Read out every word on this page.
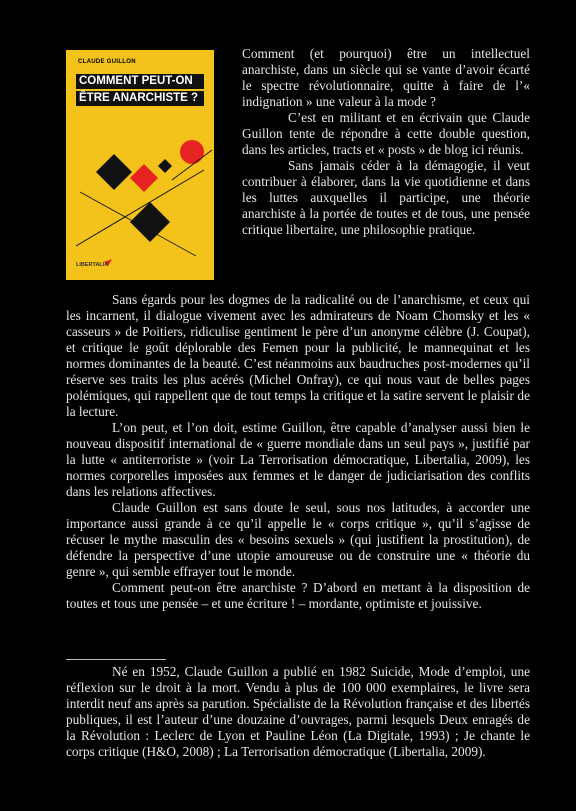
CLAUDE GUILLON
COMMENT PEUT-ON
ÊTRE ANARCHISTE ?
LIBERTALIA

Comment (et pourquoi) être un intellectuel anarchiste, dans un siècle qui se vante d’avoir écarté le spectre révolutionnaire, quitte à faire de l’« indignation » une valeur à la mode ?

C’est en militant et en écrivain que Claude Guillon tente de répondre à cette double question, dans les articles, tracts et « posts » de blog ici réunis.

Sans jamais céder à la démagogie, il veut contribuer à élaborer, dans la vie quotidienne et dans les luttes auxquelles il participe, une théorie anarchiste à la portée de toutes et de tous, une pensée critique libertaire, une philosophie pratique.

Sans égards pour les dogmes de la radicalité ou de l’anarchisme, et ceux qui les incarnent, il dialogue vivement avec les admirateurs de Noam Chomsky et les « casseurs » de Poitiers, ridiculise gentiment le père d’un anonyme célèbre (J. Coupat), et critique le goût déplorable des Femen pour la publicité, le mannequinat et les normes dominantes de la beauté. C’est néanmoins aux baudruches post-modernes qu’il réserve ses traits les plus acérés (Michel Onfray), ce qui nous vaut de belles pages polémiques, qui rappellent que de tout temps la critique et la satire servent le plaisir de la lecture.

L’on peut, et l’on doit, estime Guillon, être capable d’analyser aussi bien le nouveau dispositif international de « guerre mondiale dans un seul pays », justifié par la lutte « antiterroriste » (voir La Terrorisation démocratique, Libertalia, 2009), les normes corporelles imposées aux femmes et le danger de judiciarisation des conflits dans les relations affectives.

Claude Guillon est sans doute le seul, sous nos latitudes, à accorder une importance aussi grande à ce qu’il appelle le « corps critique », qu’il s’agisse de récuser le mythe masculin des « besoins sexuels » (qui justifient la prostitution), de défendre la perspective d’une utopie amoureuse ou de construire une « théorie du genre », qui semble effrayer tout le monde.

Comment peut-on être anarchiste ? D’abord en mettant à la disposition de toutes et tous une pensée – et une écriture ! – mordante, optimiste et jouissive.

Né en 1952, Claude Guillon a publié en 1982 Suicide, Mode d’emploi, une réflexion sur le droit à la mort. Vendu à plus de 100 000 exemplaires, le livre sera interdit neuf ans après sa parution. Spécialiste de la Révolution française et des libertés publiques, il est l’auteur d’une douzaine d’ouvrages, parmi lesquels Deux enragés de la Révolution : Leclerc de Lyon et Pauline Léon (La Digitale, 1993) ; Je chante le corps critique (H&O, 2008) ; La Terrorisation démocratique (Libertalia, 2009).
